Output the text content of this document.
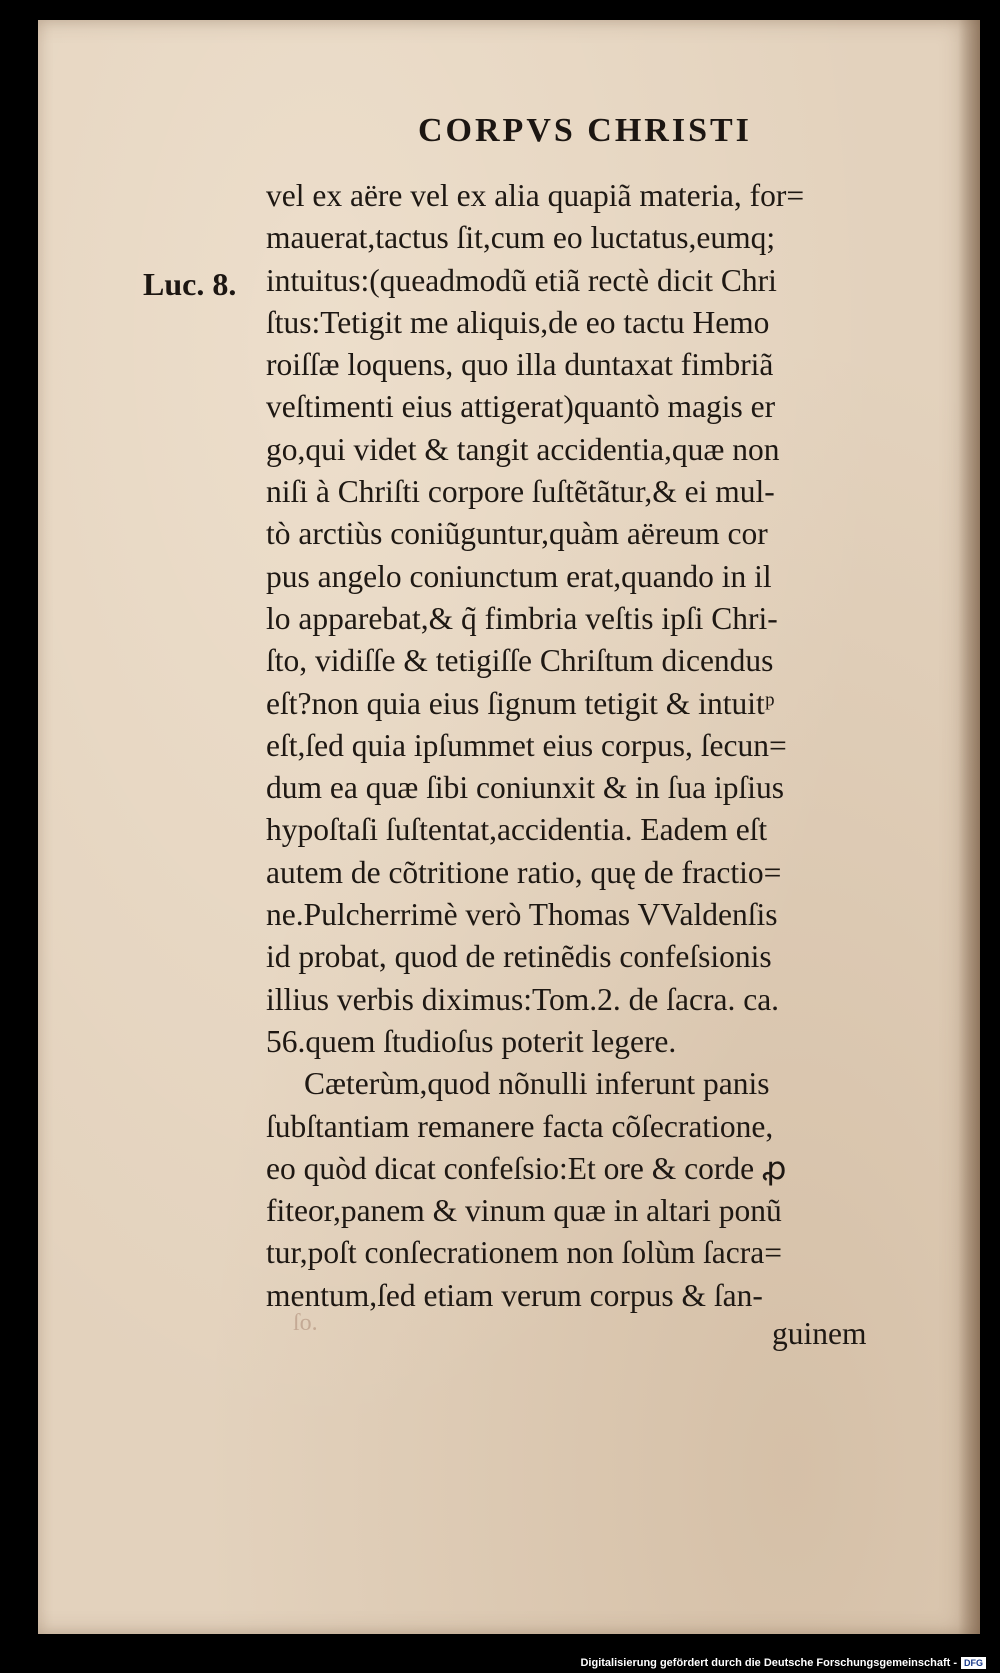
CORPVS CHRISTI
Luc. 8.
vel ex aëre vel ex alia quapiã materia, for=
mauerat,tactus ſit,cum eo luctatus,eumq;
intuitus:(queadmodũ etiã rectè dicit Chri
ſtus:Tetigit me aliquis,de eo tactu Hemo
roiſſæ loquens, quo illa duntaxat fimbriã
veſtimenti eius attigerat)quantò magis er
go,qui videt & tangit accidentia,quæ non
niſi à Chriſti corpore ſuſtẽtãtur,& ei mul-
tò arctiùs coniũguntur,quàm aëreum cor
pus angelo coniunctum erat,quando in il
lo apparebat,& q̃ fimbria veſtis ipſi Chri-
ſto, vidiſſe & tetigiſſe Chriſtum dicendus
eſt?non quia eius ſignum tetigit & intuitᵖ
eſt,ſed quia ipſummet eius corpus, ſecun=
dum ea quæ ſibi coniunxit & in ſua ipſius
hypoſtaſi ſuſtentat,accidentia. Eadem eſt
autem de cõtritione ratio, quę de fractio=
ne.Pulcherrimè verò Thomas VValdenſis
id probat, quod de retinẽdis confeſsionis
illius verbis diximus:Tom.2. de ſacra. ca.
56.quem ſtudioſus poterit legere.
Cæterùm,quod nõnulli inferunt panis
ſubſtantiam remanere facta cõſecratione,
eo quòd dicat confeſsio:Et ore & corde ꝓ
fiteor,panem & vinum quæ in altari ponũ
tur,poſt conſecrationem non ſolùm ſacra=
mentum,ſed etiam verum corpus & ſan-
ſo.	guinem
Digitalisierung gefördert durch die Deutsche Forschungsgemeinschaft - DFG
